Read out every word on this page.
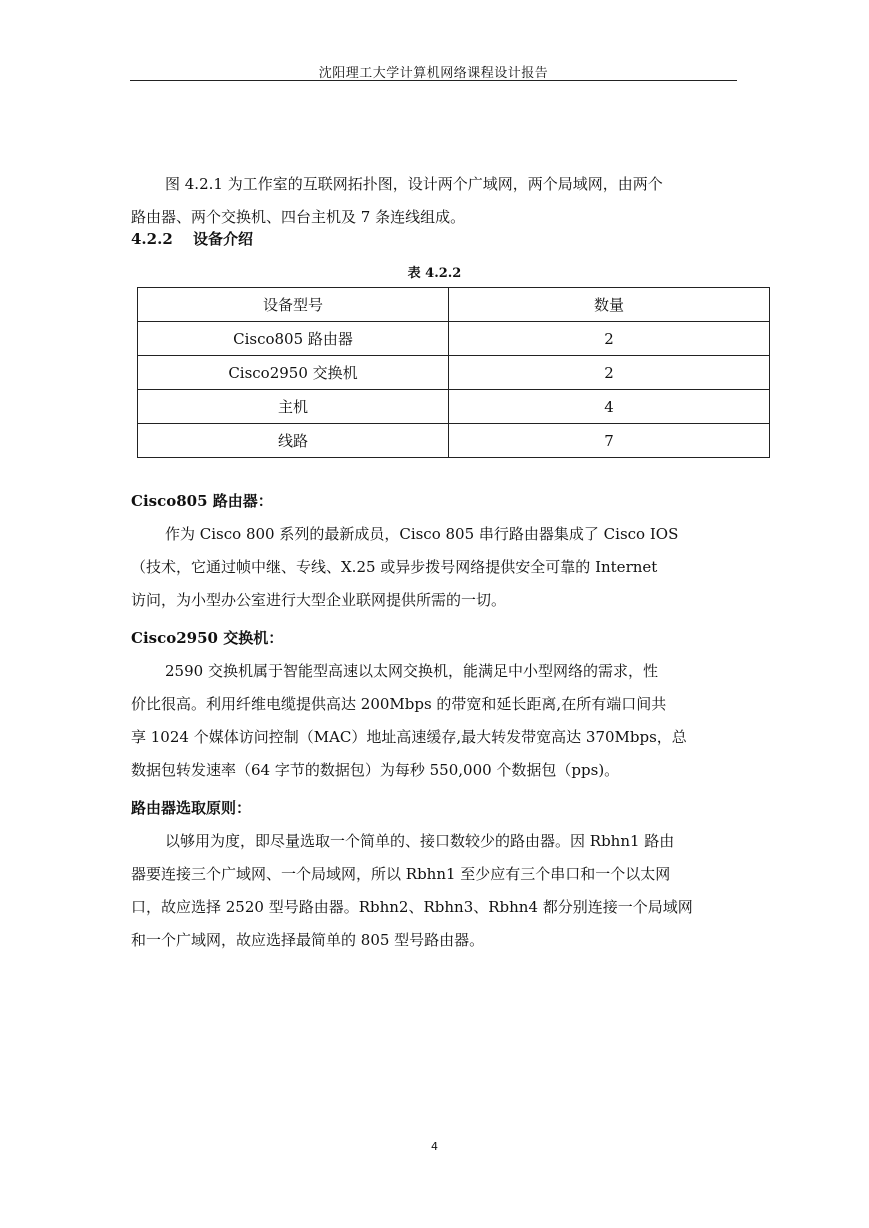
沈阳理工大学计算机网络课程设计报告

图 4.2.1 为工作室的互联网拓扑图，设计两个广域网，两个局域网，由两个
路由器、两个交换机、四台主机及 7 条连线组成。

4.2.2 设备介绍
表 4.2.2
设备型号	数量
Cisco805 路由器	2
Cisco2950 交换机	2
主机	4
线路	7
Cisco805 路由器：

作为 Cisco 800 系列的最新成员，Cisco 805 串行路由器集成了 Cisco IOS
（技术，它通过帧中继、专线、X.25 或异步拨号网络提供安全可靠的 Internet
访问，为小型办公室进行大型企业联网提供所需的一切。

Cisco2950 交换机：

2590 交换机属于智能型高速以太网交换机，能满足中小型网络的需求，性
价比很高。利用纤维电缆提供高达 200Mbps 的带宽和延长距离,在所有端口间共
享 1024 个媒体访问控制（MAC）地址高速缓存,最大转发带宽高达 370Mbps，总
数据包转发速率（64 字节的数据包）为每秒 550,000 个数据包（pps)。

路由器选取原则：

以够用为度，即尽量选取一个简单的、接口数较少的路由器。因 Rbhn1 路由
器要连接三个广域网、一个局域网，所以 Rbhn1 至少应有三个串口和一个以太网
口，故应选择 2520 型号路由器。Rbhn2、Rbhn3、Rbhn4 都分别连接一个局域网
和一个广域网，故应选择最简单的 805 型号路由器。

4
